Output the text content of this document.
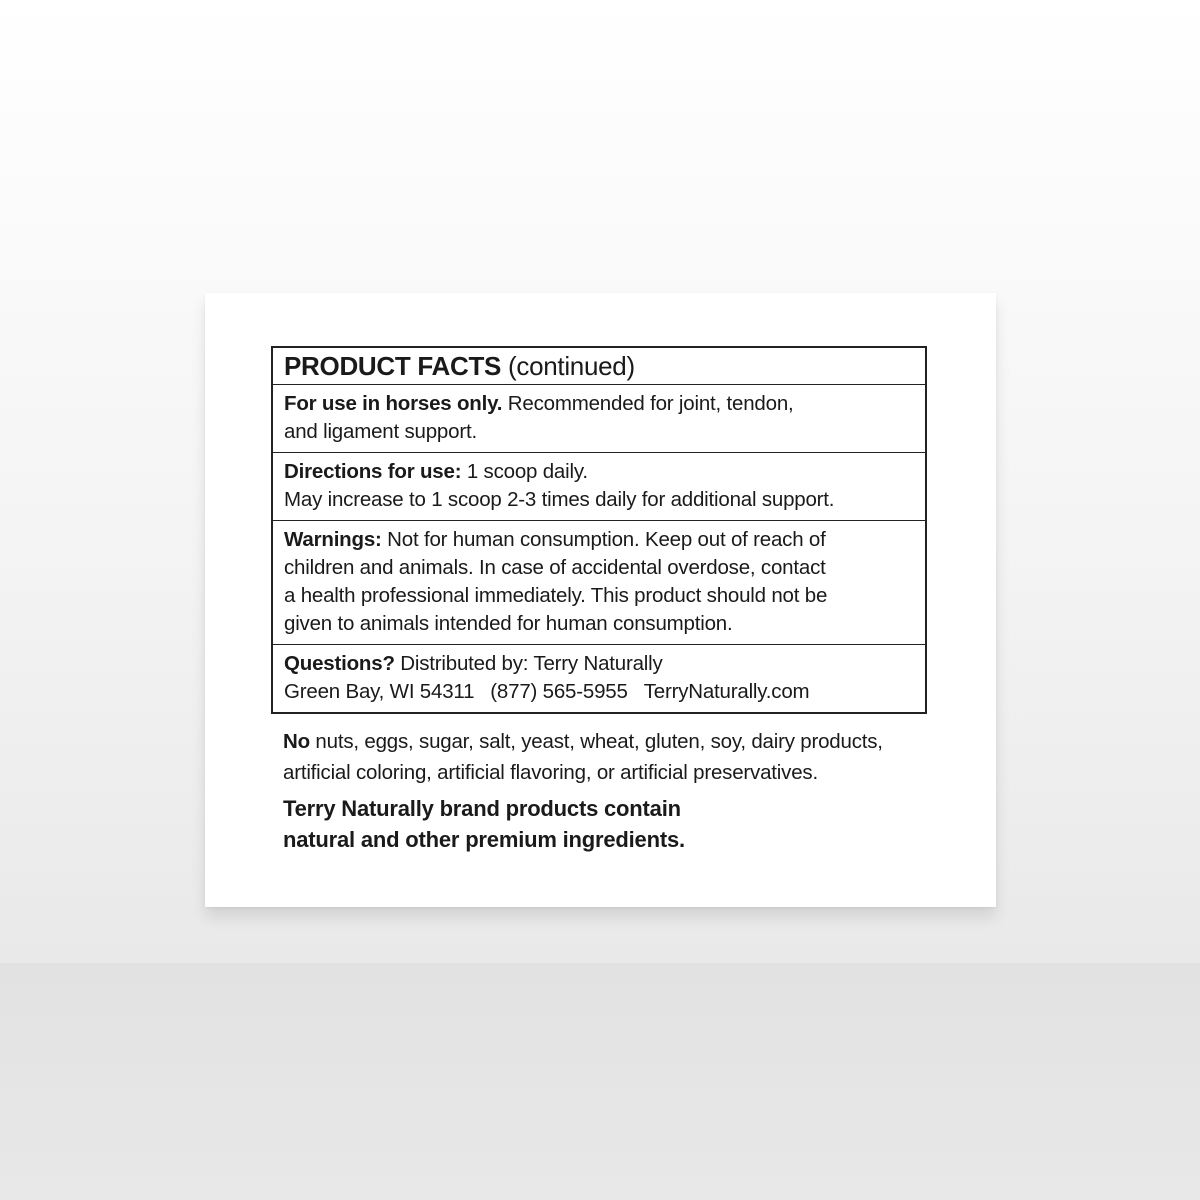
PRODUCT FACTS (continued)
For use in horses only. Recommended for joint, tendon,
and ligament support.
Directions for use: 1 scoop daily.
May increase to 1 scoop 2-3 times daily for additional support.
Warnings: Not for human consumption. Keep out of reach of
children and animals. In case of accidental overdose, contact
a health professional immediately. This product should not be
given to animals intended for human consumption.
Questions? Distributed by: Terry Naturally
Green Bay, WI 54311 (877) 565-5955 TerryNaturally.com
No nuts, eggs, sugar, salt, yeast, wheat, gluten, soy, dairy products,
artificial coloring, artificial flavoring, or artificial preservatives.
Terry Naturally brand products contain
natural and other premium ingredients.
